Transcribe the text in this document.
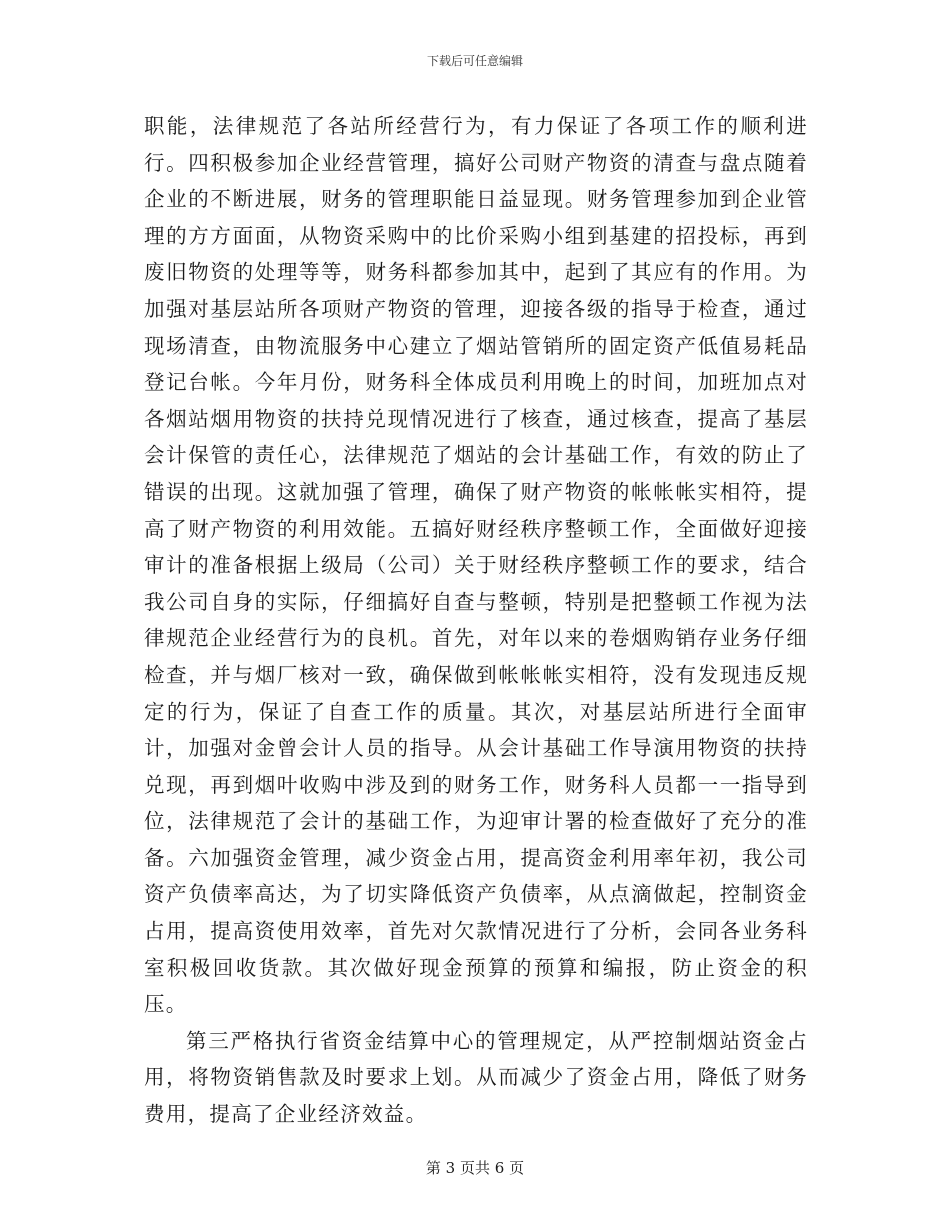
下载后可任意编辑

职能，法律规范了各站所经营行为，有力保证了各项工作的顺利进行。四积极参加企业经营管理，搞好公司财产物资的清查与盘点随着企业的不断进展，财务的管理职能日益显现。财务管理参加到企业管理的方方面面，从物资采购中的比价采购小组到基建的招投标，再到废旧物资的处理等等，财务科都参加其中，起到了其应有的作用。为加强对基层站所各项财产物资的管理，迎接各级的指导于检查，通过现场清查，由物流服务中心建立了烟站管销所的固定资产低值易耗品登记台帐。今年月份，财务科全体成员利用晚上的时间，加班加点对各烟站烟用物资的扶持兑现情况进行了核查，通过核查，提高了基层会计保管的责任心，法律规范了烟站的会计基础工作，有效的防止了错误的出现。这就加强了管理，确保了财产物资的帐帐帐实相符，提高了财产物资的利用效能。五搞好财经秩序整顿工作，全面做好迎接审计的准备根据上级局（公司）关于财经秩序整顿工作的要求，结合我公司自身的实际，仔细搞好自查与整顿，特别是把整顿工作视为法律规范企业经营行为的良机。首先，对年以来的卷烟购销存业务仔细检查，并与烟厂核对一致，确保做到帐帐帐实相符，没有发现违反规定的行为，保证了自查工作的质量。其次，对基层站所进行全面审计，加强对金曾会计人员的指导。从会计基础工作导演用物资的扶持兑现，再到烟叶收购中涉及到的财务工作，财务科人员都一一指导到位，法律规范了会计的基础工作，为迎审计署的检查做好了充分的准备。六加强资金管理，减少资金占用，提高资金利用率年初，我公司资产负债率高达，为了切实降低资产负债率，从点滴做起，控制资金占用，提高资使用效率，首先对欠款情况进行了分析，会同各业务科室积极回收货款。其次做好现金预算的预算和编报，防止资金的积压。

第三严格执行省资金结算中心的管理规定，从严控制烟站资金占用，将物资销售款及时要求上划。从而减少了资金占用，降低了财务费用，提高了企业经济效益。

第 3 页共 6 页
